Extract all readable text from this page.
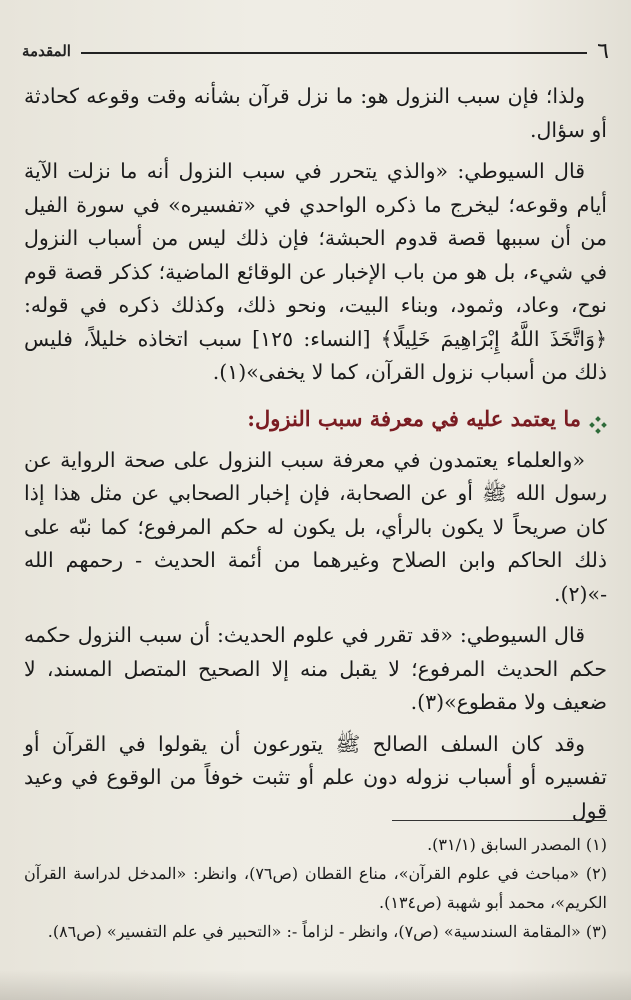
٦
المقدمة

ولذا؛ فإن سبب النزول هو: ما نزل قرآن بشأنه وقت وقوعه كحادثة أو سؤال.

قال السيوطي: «والذي يتحرر في سبب النزول أنه ما نزلت الآية أيام وقوعه؛ ليخرج ما ذكره الواحدي في «تفسيره» في سورة الفيل من أن سببها قصة قدوم الحبشة؛ فإن ذلك ليس من أسباب النزول في شيء، بل هو من باب الإخبار عن الوقائع الماضية؛ كذكر قصة قوم نوح، وعاد، وثمود، وبناء البيت، ونحو ذلك، وكذلك ذكره في قوله: ﴿وَاتَّخَذَ اللَّهُ إِبْرَاهِيمَ خَلِيلًا﴾ [النساء: ١٢٥] سبب اتخاذه خليلاً، فليس ذلك من أسباب نزول القرآن، كما لا يخفى»(١).

ما يعتمد عليه في معرفة سبب النزول:

«والعلماء يعتمدون في معرفة سبب النزول على صحة الرواية عن رسول الله ﷺ أو عن الصحابة، فإن إخبار الصحابي عن مثل هذا إذا كان صريحاً لا يكون بالرأي، بل يكون له حكم المرفوع؛ كما نبّه على ذلك الحاكم وابن الصلاح وغيرهما من أئمة الحديث - رحمهم الله -»(٢).

قال السيوطي: «قد تقرر في علوم الحديث: أن سبب النزول حكمه حكم الحديث المرفوع؛ لا يقبل منه إلا الصحيح المتصل المسند، لا ضعيف ولا مقطوع»(٣).

وقد كان السلف الصالح ﷺ يتورعون أن يقولوا في القرآن أو تفسيره أو أسباب نزوله دون علم أو تثبت خوفاً من الوقوع في وعيد قول

(١) المصدر السابق (٣١/١).

(٢) «مباحث في علوم القرآن»، مناع القطان (ص٧٦)، وانظر: «المدخل لدراسة القرآن الكريم»، محمد أبو شهبة (ص١٣٤).

(٣) «المقامة السندسية» (ص٧)، وانظر - لزاماً -: «التحبير في علم التفسير» (ص٨٦).
